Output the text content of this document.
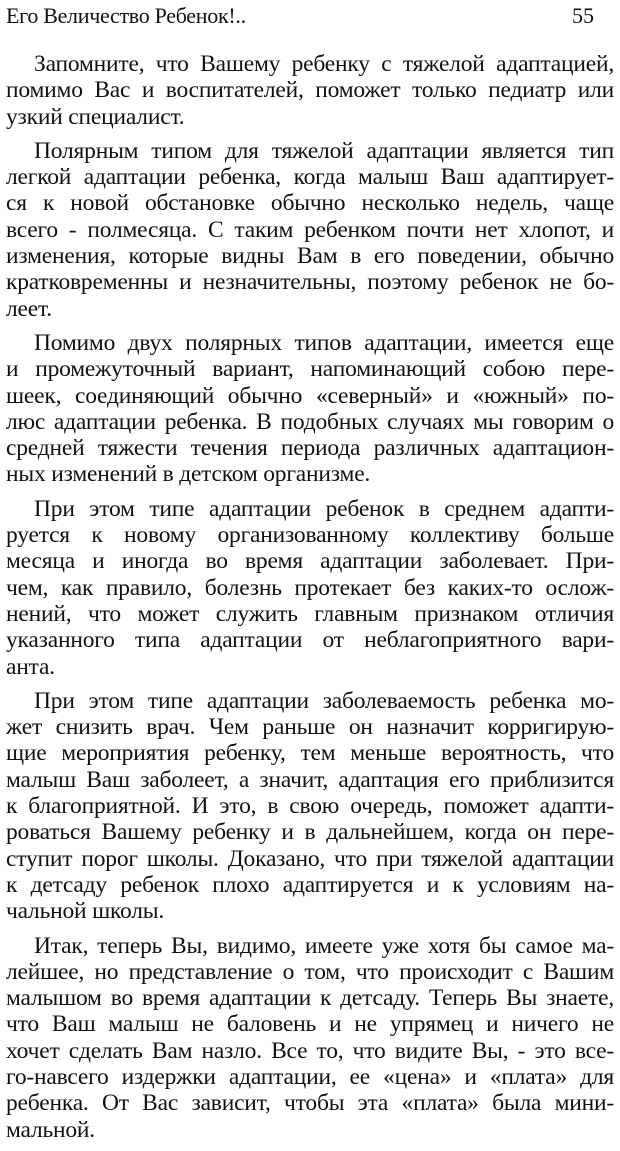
Его Величество Ребенок!..	55

Запомните, что Вашему ребенку с тяжелой адаптацией,
помимо Вас и воспитателей, поможет только педиатр или
узкий специалист.

Полярным типом для тяжелой адаптации является тип
легкой адаптации ребенка, когда малыш Ваш адаптирует-
ся к новой обстановке обычно несколько недель, чаще
всего - полмесяца. С таким ребенком почти нет хлопот, и
изменения, которые видны Вам в его поведении, обычно
кратковременны и незначительны, поэтому ребенок не бо-
леет.

Помимо двух полярных типов адаптации, имеется еще
и промежуточный вариант, напоминающий собою пере-
шеек, соединяющий обычно «северный» и «южный» по-
люс адаптации ребенка. В подобных случаях мы говорим о
средней тяжести течения периода различных адаптацион-
ных изменений в детском организме.

При этом типе адаптации ребенок в среднем адапти-
руется к новому организованному коллективу больше
месяца и иногда во время адаптации заболевает. При-
чем, как правило, болезнь протекает без каких-то ослож-
нений, что может служить главным признаком отличия
указанного типа адаптации от неблагоприятного вари-
анта.

При этом типе адаптации заболеваемость ребенка мо-
жет снизить врач. Чем раньше он назначит корригирую-
щие мероприятия ребенку, тем меньше вероятность, что
малыш Ваш заболеет, а значит, адаптация его приблизится
к благоприятной. И это, в свою очередь, поможет адапти-
роваться Вашему ребенку и в дальнейшем, когда он пере-
ступит порог школы. Доказано, что при тяжелой адаптации
к детсаду ребенок плохо адаптируется и к условиям на-
чальной школы.

Итак, теперь Вы, видимо, имеете уже хотя бы самое ма-
лейшее, но представление о том, что происходит с Вашим
малышом во время адаптации к детсаду. Теперь Вы знаете,
что Ваш малыш не баловень и не упрямец и ничего не
хочет сделать Вам назло. Все то, что видите Вы, - это все-
го-навсего издержки адаптации, ее «цена» и «плата» для
ребенка. От Вас зависит, чтобы эта «плата» была мини-
мальной.
